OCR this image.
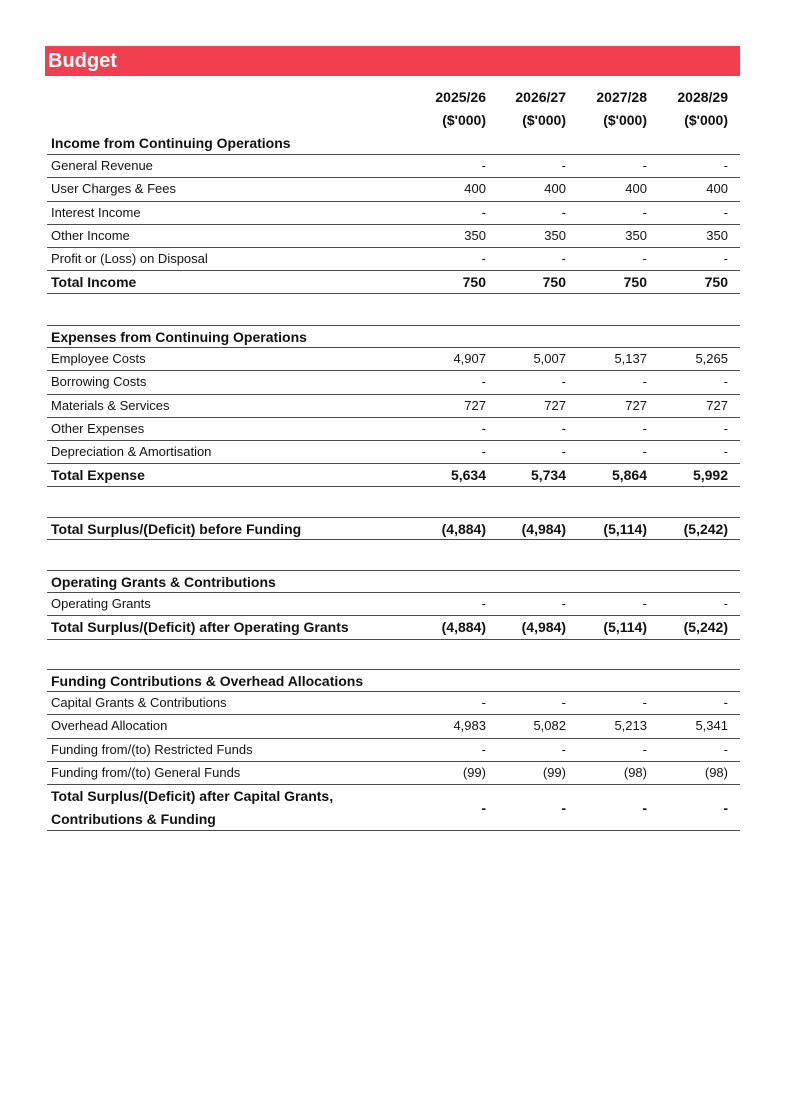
Budget
2025/26	2026/27	2027/28	2028/29
($'000)	($'000)	($'000)	($'000)
Income from Continuing Operations
General Revenue	-	-	-	-
User Charges & Fees	400	400	400	400
Interest Income	-	-	-	-
Other Income	350	350	350	350
Profit or (Loss) on Disposal	-	-	-	-
Total Income	750	750	750	750
Expenses from Continuing Operations
Employee Costs	4,907	5,007	5,137	5,265
Borrowing Costs	-	-	-	-
Materials & Services	727	727	727	727
Other Expenses	-	-	-	-
Depreciation & Amortisation	-	-	-	-
Total Expense	5,634	5,734	5,864	5,992
Total Surplus/(Deficit) before Funding	(4,884)	(4,984)	(5,114)	(5,242)
Operating Grants & Contributions
Operating Grants	-	-	-	-
Total Surplus/(Deficit) after Operating Grants	(4,884)	(4,984)	(5,114)	(5,242)
Funding Contributions & Overhead Allocations
Capital Grants & Contributions	-	-	-	-
Overhead Allocation	4,983	5,082	5,213	5,341
Funding from/(to) Restricted Funds	-	-	-	-
Funding from/(to) General Funds	(99)	(99)	(98)	(98)
Total Surplus/(Deficit) after Capital Grants,
Contributions & Funding
-	-	-	-
